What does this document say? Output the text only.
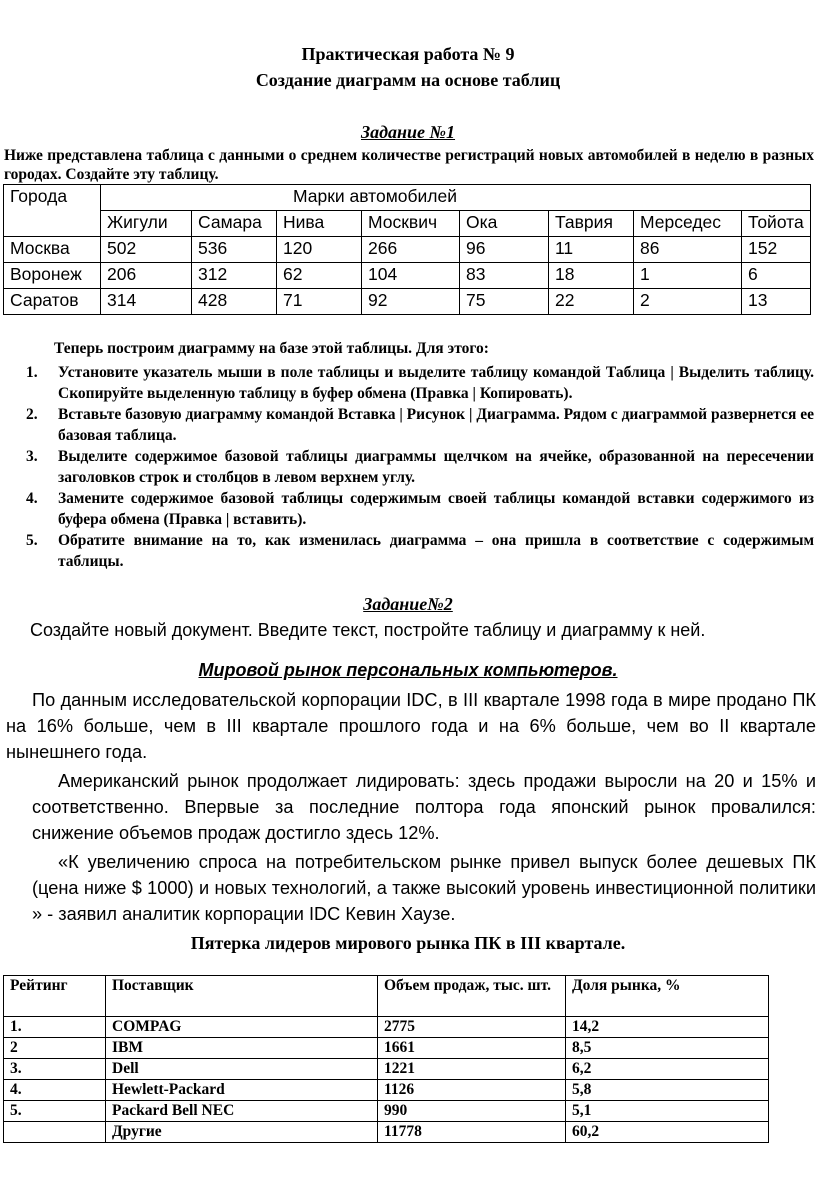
Практическая работа № 9
Создание диаграмм на основе таблиц
Задание №1
Ниже представлена таблица с данными о среднем количестве регистраций новых автомобилей в неделю в разных городах. Создайте эту таблицу.
Города	Марки автомобилей							
	Жигули	Самара	Нива	Москвич	Ока	Таврия	Мерседес	Тойота
Москва	502	536	120	266	96	11	86	152
Воронеж	206	312	62	104	83	18	1	6
Саратов	314	428	71	92	75	22	2	13
Теперь построим диаграмму на базе этой таблицы. Для этого:
1. Установите указатель мыши в поле таблицы и выделите таблицу командой Таблица | Выделить таблицу. Скопируйте выделенную таблицу в буфер обмена (Правка | Копировать).
2. Вставьте базовую диаграмму командой Вставка | Рисунок | Диаграмма. Рядом с диаграммой развернется ее базовая таблица.
3. Выделите содержимое базовой таблицы диаграммы щелчком на ячейке, образованной на пересечении заголовков строк и столбцов в левом верхнем углу.
4. Замените содержимое базовой таблицы содержимым своей таблицы командой вставки содержимого из буфера обмена (Правка | вставить).
5. Обратите внимание на то, как изменилась диаграмма – она пришла в соответствие с содержимым таблицы.
Задание№2
Создайте новый документ. Введите текст, постройте таблицу и диаграмму к ней.
Мировой рынок персональных компьютеров.

По данным исследовательской корпорации IDC, в III квартале 1998 года в мире продано ПК на 16% больше, чем в III квартале прошлого года и на 6% больше, чем во II квартале нынешнего года.

Американский рынок продолжает лидировать: здесь продажи выросли на 20 и 15% и соответственно. Впервые за последние полтора года японский рынок провалился: снижение объемов продаж достигло здесь 12%.

«К увеличению спроса на потребительском рынке привел выпуск более дешевых ПК (цена ниже $ 1000) и новых технологий, а также высокий уровень инвестиционной политики » - заявил аналитик корпорации IDC Кевин Хаузе.

Пятерка лидеров мирового рынка ПК в III квартале.
Рейтинг	Поставщик	Объем продаж, тыс. шт.	Доля рынка, %
1.	COMPAG	2775	14,2
2	IBM	1661	8,5
3.	Dell	1221	6,2
4.	Hewlett-Packard	1126	5,8
5.	Packard Bell NEC	990	5,1
	Другие	11778	60,2
